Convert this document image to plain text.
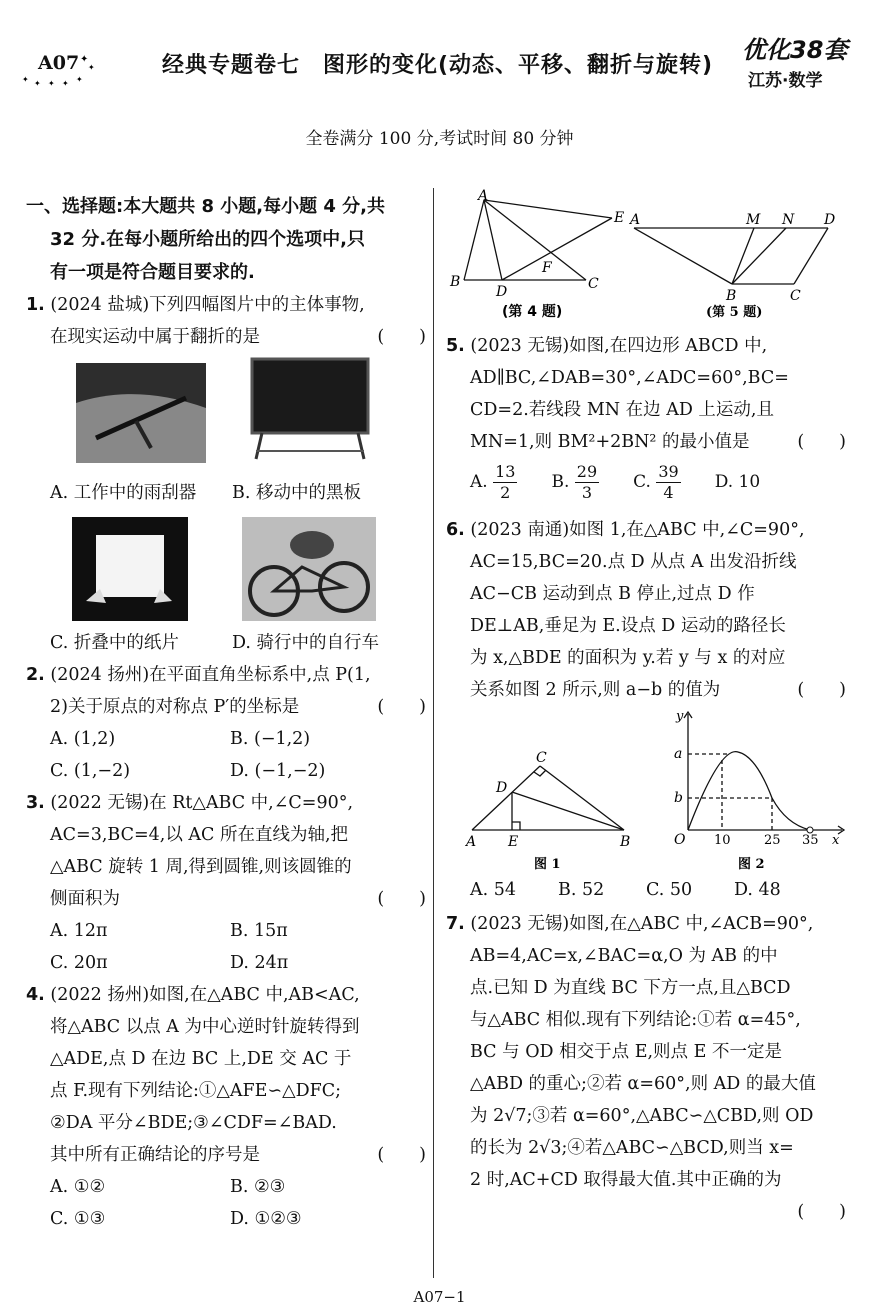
✦
✦
✦ ✦ ✦ ✦ ✦
A07	经典专题卷七　图形的变化(动态、平移、翻折与旋转)
优化38套
江苏·数学
全卷满分 100 分,考试时间 80 分钟
一、选择题:本大题共 8 小题,每小题 4 分,共
32 分.在每小题所给出的四个选项中,只
有一项是符合题目要求的.
1. (2024 盐城)下列四幅图片中的主体事物,
在现实运动中属于翻折的是	(　　)
A. 工作中的雨刮器	B. 移动中的黑板
C. 折叠中的纸片	D. 骑行中的自行车
2. (2024 扬州)在平面直角坐标系中,点 P(1,
2)关于原点的对称点 P′的坐标是	(　　)
A. (1,2)	B. (−1,2)
C. (1,−2)	D. (−1,−2)
3. (2022 无锡)在 Rt△ABC 中,∠C=90°,
AC=3,BC=4,以 AC 所在直线为轴,把
△ABC 旋转 1 周,得到圆锥,则该圆锥的
侧面积为	(　　)
A. 12π	B. 15π
C. 20π	D. 24π
4. (2022 扬州)如图,在△ABC 中,AB<AC,
将△ABC 以点 A 为中心逆时针旋转得到
△ADE,点 D 在边 BC 上,DE 交 AC 于
点 F.现有下列结论:①△AFE∽△DFC;
②DA 平分∠BDE;③∠CDF=∠BAD.
其中所有正确结论的序号是	(　　)
A. ①②	B. ②③
C. ①③	D. ①②③
A
E
F
B
D	C
(第 4 题)
A	M N D
B	C
(第 5 题)
5. (2023 无锡)如图,在四边形 ABCD 中,
AD∥BC,∠DAB=30°,∠ADC=60°,BC=
CD=2.若线段 MN 在边 AD 上运动,且
MN=1,则 BM²+2BN² 的最小值是	(　　)
A. $\frac{13}{2} B$. $\frac{29}{3} C$. $\frac{39}{4} D$. 10
6. (2023 南通)如图 1,在△ABC 中,∠C=90°,
AC=15,BC=20.点 D 从点 A 出发沿折线
AC−CB 运动到点 B 停止,过点 D 作
DE⊥AB,垂足为 E.设点 D 运动的路径长
为 x,△BDE 的面积为 y.若 y 与 x 的对应
关系如图 2 所示,则 a−b 的值为	(　　)
C
D
A E	B
图 1
y
a
b
O 10	25 35 x
图 2
A. 54	B. 52	C. 50	D. 48
7. (2023 无锡)如图,在△ABC 中,∠ACB=90°,
AB=4,AC=x,∠BAC=α,O 为 AB 的中
点.已知 D 为直线 BC 下方一点,且△BCD
与△ABC 相似.现有下列结论:①若 α=45°,
BC 与 OD 相交于点 E,则点 E 不一定是
△ABD 的重心;②若 α=60°,则 AD 的最大值
为 2√7;③若 α=60°,△ABC∽△CBD,则 OD
的长为 2√3;④若△ABC∽△BCD,则当 x=
2 时,AC+CD 取得最大值.其中正确的为
(　　)
A07−1
